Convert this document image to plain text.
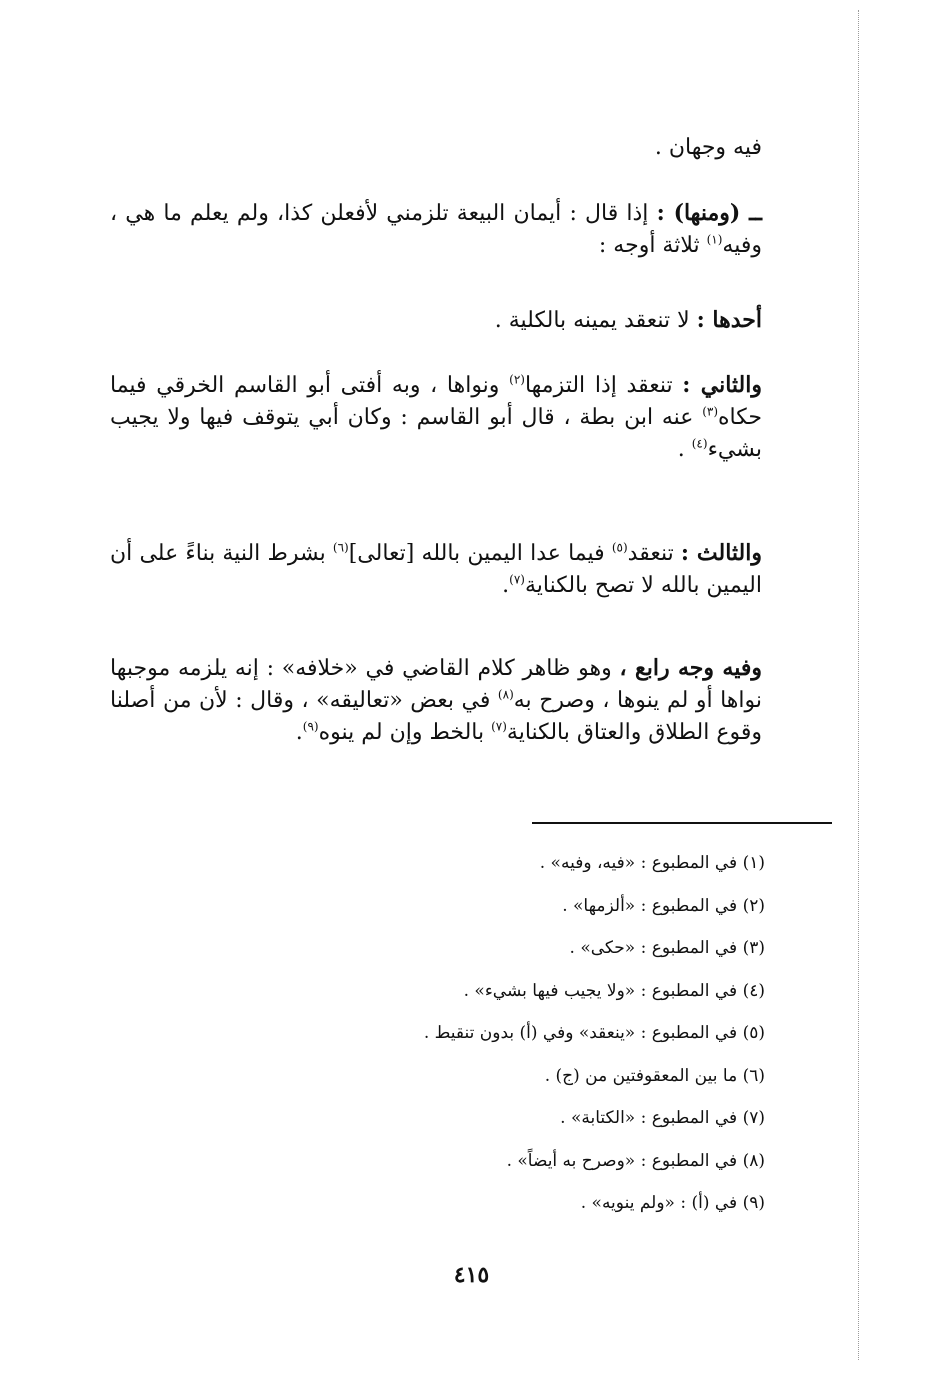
فيه وجهان .

ــ (ومنها) : إذا قال : أيمان البيعة تلزمني لأفعلن كذا، ولم يعلم ما هي ، وفيه$^{(١)}$ ثلاثة أوجه :

أحدها : لا تنعقد يمينه بالكلية .

والثاني : تنعقد إذا التزمها$^{(٢)}$ ونواها ، وبه أفتى أبو القاسم الخرقي فيما حكاه$^{(٣)}$ عنه ابن بطة ، قال أبو القاسم : وكان أبي يتوقف فيها ولا يجيب بشيء$^{(٤)}$ .

والثالث : تنعقد$^{(٥)}$ فيما عدا اليمين بالله [تعالى]$^{(٦)}$ بشرط النية بناءً على أن اليمين بالله لا تصح بالكناية$^{(٧)}$.

وفيه وجه رابع ، وهو ظاهر كلام القاضي في «خلافه» : إنه يلزمه موجبها نواها أو لم ينوها ، وصرح به$^{(٨)}$ في بعض «تعاليقه» ، وقال : لأن من أصلنا وقوع الطلاق والعتاق بالكناية$^{(٧)}$ بالخط وإن لم ينوه$^{(٩)}$.

(١) في المطبوع : «فيه، وفيه» .
(٢) في المطبوع : «ألزمها» .
(٣) في المطبوع : «حكى» .
(٤) في المطبوع : «ولا يجيب فيها بشيء» .
(٥) في المطبوع : «ينعقد» وفي (أ) بدون تنقيط .
(٦) ما بين المعقوفتين من (ج) .
(٧) في المطبوع : «الكتابة» .
(٨) في المطبوع : «وصرح به أيضاً» .
(٩) في (أ) : «ولم ينويه» .
٤١٥
